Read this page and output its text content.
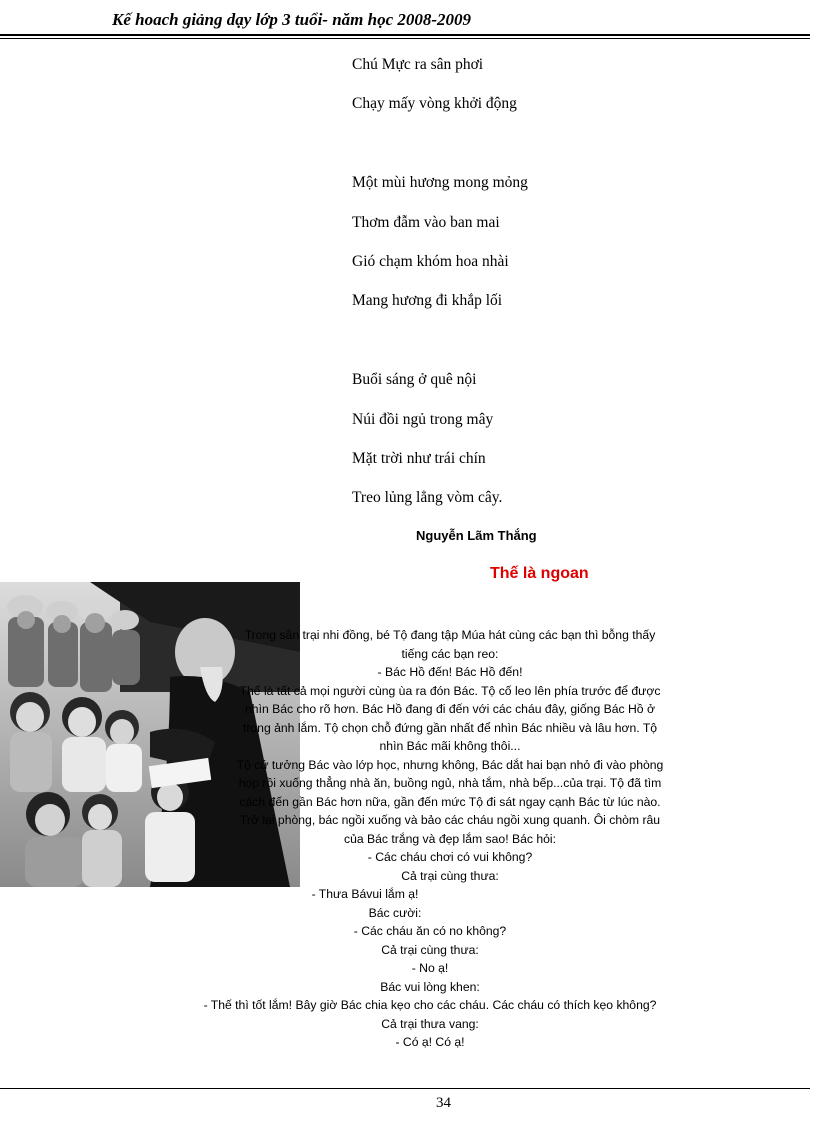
Kế hoach giảng dạy lớp 3 tuổi- năm học 2008-2009
Chú Mực ra sân phơi
Chạy mấy vòng khởi động
Một mùi hương mong mỏng
Thơm đẫm vào ban mai
Gió chạm khóm hoa nhài
Mang hương đi khắp lối
Buổi sáng ở quê nội
Núi đồi ngủ trong mây
Mặt trời như trái chín
Treo lủng lẳng vòm cây.
Nguyễn Lãm Thắng
Thế là ngoan
Trong sân trại nhi đồng, bé Tộ đang tập Múa hát cùng các bạn thì bỗng thấy
tiếng các bạn reo:
- Bác Hồ đến! Bác Hồ đến!
Thế là tất cả mọi người cùng ùa ra đón Bác. Tộ cố leo lên phía trước để được
nhìn Bác cho rõ hơn. Bác Hồ đang đi đến với các cháu đây, giống Bác Hồ ở
trong ảnh lắm. Tộ chọn chỗ đứng gần nhất để nhìn Bác nhiều và lâu hơn. Tộ
nhìn Bác mãi không thôi...
Tộ cứ tưởng Bác vào lớp học, nhưng không, Bác dắt hai bạn nhỏ đi vào phòng
họp rồi xuống thẳng nhà ăn, buồng ngủ, nhà tắm, nhà bếp...của trại. Tộ đã tìm
cách đến gần Bác hơn nữa, gần đến mức Tộ đi sát ngay cạnh Bác từ lúc nào.
Trở lại phòng, bác ngồi xuống và bảo các cháu ngồi xung quanh. Ôi chòm râu
của Bác trắng và đẹp lắm sao! Bác hỏi:
- Các cháu chơi có vui không?
Cả trại cùng thưa:
- Thưa Bávui lắm ạ!
Bác cười:
- Các cháu ăn có no không?
Cả trại cùng thưa:
- No ạ!
Bác vui lòng khen:
- Thế thì tốt lắm! Bây giờ Bác chia kẹo cho các cháu. Các cháu có thích kẹo không?
Cả trại thưa vang:
- Có ạ! Có ạ!
34
